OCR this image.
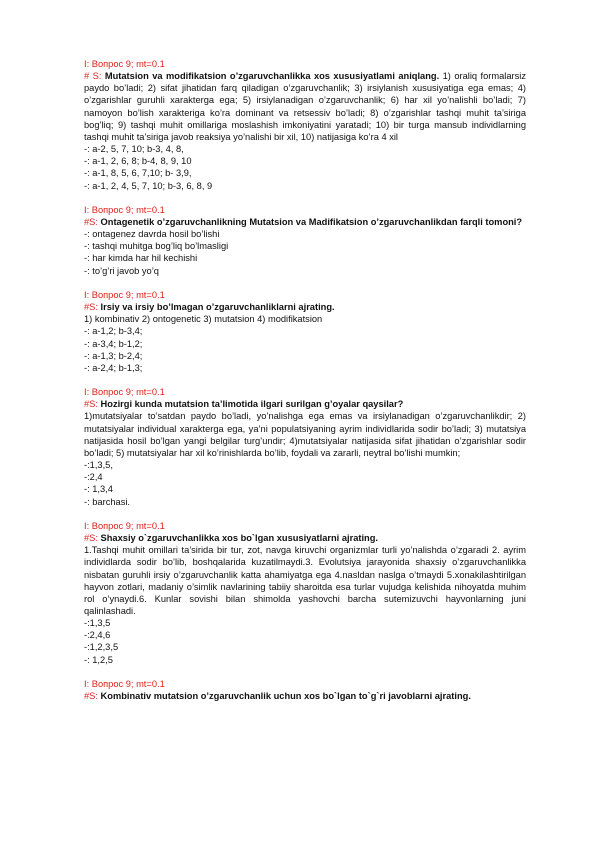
I: Вопрос 9; mt=0.1
# S: Mutatsion va modifikatsion o’zgaruvchanlikka xos xususiyatlami aniqlang. 1) oraliq formalarsiz paydo bo’ladi; 2) sifat jihatidan farq qiladigan o’zgaruvchanlik; 3) irsiylanish xususiyatiga ega emas; 4) o’zgarishlar guruhli xarakterga ega; 5) irsiylanadigan o’zgaruvchanlik; 6) har xil yo’nalishli bo’ladi; 7) namoyon bo’lish xarakteriga ko’ra dominant va retsessiv bo’ladi; 8) o’zgarishlar tashqi muhit ta’siriga bog’liq; 9) tashqi muhit omillariga moslashish imkoniyatini yaratadi; 10) bir turga mansub individlarning tashqi muhit ta’siriga javob reaksiya yo’nalishi bir xil, 10) natijasiga ko’ra 4 xil
-: a-2, 5, 7, 10; b-3, 4, 8,
-: a-1, 2, 6, 8; b-4, 8, 9, 10
-: a-1, 8, 5, 6, 7,10; b- 3,9,
-: a-1, 2, 4, 5, 7, 10; b-3, 6, 8, 9
I: Вопрос 9; mt=0.1
#S: Ontagenetik o’zgaruvchanlikning Mutatsion va Madifikatsion o’zgaruvchanlikdan farqli tomoni?
-: ontagenez davrda hosil bo’lishi
-: tashqi muhitga bog’liq bo’lmasligi
-: har kimda har hil kechishi
-: to’g’ri javob yo’q
I: Вопрос 9; mt=0.1
#S: Irsiy va irsiy bo’lmagan o’zgaruvchanliklarni ajrating.
1) kombinativ 2) ontogenetic 3) mutatsion 4) modifikatsion
-: a-1,2; b-3,4;
-: a-3,4; b-1,2;
-: a-1,3; b-2,4;
-: a-2,4; b-1,3;
I: Вопрос 9; mt=0.1
#S: Hozirgi kunda mutatsion ta’limotida ilgari surilgan g’oyalar qaysilar?
1)mutatsiyalar to’satdan paydo bo’ladi, yo’nalishga ega emas va irsiylanadigan o’zgaruvchanlikdir; 2) mutatsiyalar individual xarakterga ega, ya’ni populatsiyaning ayrim individlarida sodir bo’ladi; 3) mutatsiya natijasida hosil bo’lgan yangi belgilar turg’undir; 4)mutatsiyalar natijasida sifat jihatidan o’zgarishlar sodir bo’ladi; 5) mutatsiyalar har xil ko’rinishlarda bo’lib, foydali va zararli, neytral bo’lishi mumkin;
-:1,3,5,
-:2,4
-: 1,3,4
-: barchasi.
I: Вопрос 9; mt=0.1
#S: Shaxsiy o`zgaruvchanlikka xos bo`lgan xususiyatlarni ajrating.
1.Tashqi muhit omillari ta’sirida bir tur, zot, navga kiruvchi organizmlar turli yo’nalishda o’zgaradi 2. ayrim individlarda sodir bo’lib, boshqalarida kuzatilmaydi.3. Evolutsiya jarayonida shaxsiy o’zgaruvchanlikka nisbatan guruhli irsiy o’zgaruvchanlik katta ahamiyatga ega 4.nasldan naslga o’tmaydi 5.xonakilashtirilgan hayvon zotlari, madaniy o’simlik navlarining tabiiy sharoitda esa turlar vujudga kelishida nihoyatda muhim rol o’ynaydi.6. Kunlar sovishi bilan shimolda yashovchi barcha sutemizuvchi hayvonlarning juni qalinlashadi.
-:1,3,5
-:2,4,6
-:1,2,3,5
-: 1,2,5
I: Вопрос 9; mt=0.1
#S: Kombinativ mutatsion o’zgaruvchanlik uchun xos bo`lgan to`g`ri javoblarni ajrating.
